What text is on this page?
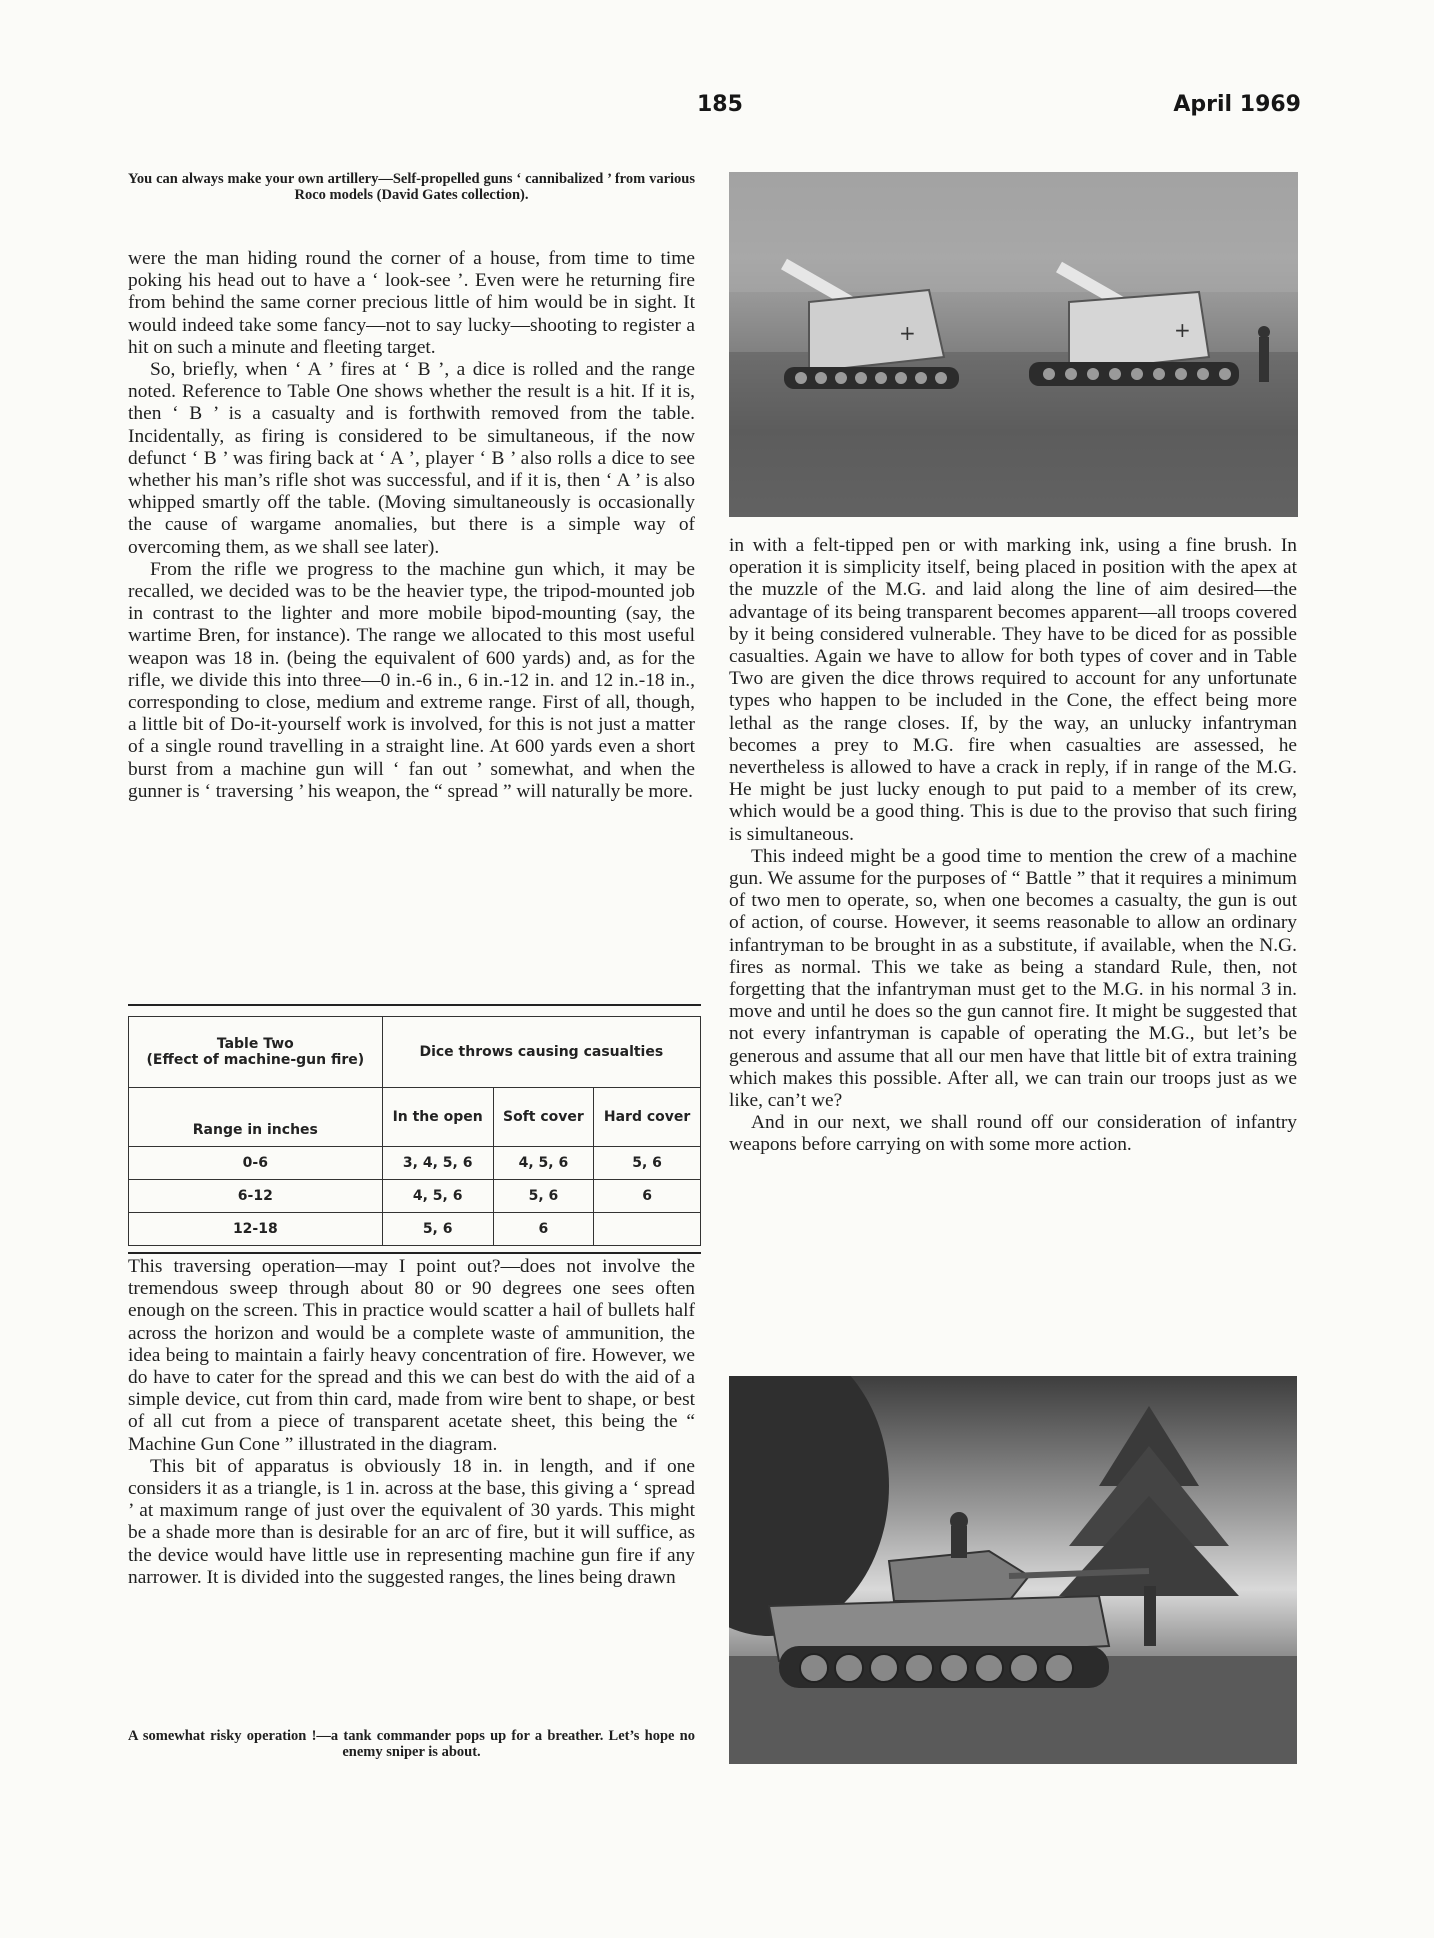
185	April 1969
You can always make your own artillery—Self-propelled guns ‘ cannibalized ’ from various Roco models (David Gates collection).

were the man hiding round the corner of a house, from time to time poking his head out to have a ‘ look-see ’. Even were he returning fire from behind the same corner precious little of him would be in sight. It would indeed take some fancy—not to say lucky—shooting to register a hit on such a minute and fleeting target.

So, briefly, when ‘ A ’ fires at ‘ B ’, a dice is rolled and the range noted. Reference to Table One shows whether the result is a hit. If it is, then ‘ B ’ is a casualty and is forthwith removed from the table. Incidentally, as firing is considered to be simultaneous, if the now defunct ‘ B ’ was firing back at ‘ A ’, player ‘ B ’ also rolls a dice to see whether his man’s rifle shot was successful, and if it is, then ‘ A ’ is also whipped smartly off the table. (Moving simultaneously is occasionally the cause of wargame anomalies, but there is a simple way of overcoming them, as we shall see later).

From the rifle we progress to the machine gun which, it may be recalled, we decided was to be the heavier type, the tripod-mounted job in contrast to the lighter and more mobile bipod-mounting (say, the wartime Bren, for instance). The range we allocated to this most useful weapon was 18 in. (being the equivalent of 600 yards) and, as for the rifle, we divide this into three—0 in.-6 in., 6 in.-12 in. and 12 in.-18 in., corresponding to close, medium and extreme range. First of all, though, a little bit of Do-it-yourself work is involved, for this is not just a matter of a single round travelling in a straight line. At 600 yards even a short burst from a machine gun will ‘ fan out ’ somewhat, and when the gunner is ‘ traversing ’ his weapon, the “ spread ” will naturally be more.

Table Two
(Effect of machine-gun fire)	Dice throws causing casualties		
Range in inches	In the open	Soft cover	Hard cover
0-6	3, 4, 5, 6	4, 5, 6	5, 6
6-12	4, 5, 6	5, 6	6
12-18	5, 6	6	

This traversing operation—may I point out?—does not involve the tremendous sweep through about 80 or 90 degrees one sees often enough on the screen. This in practice would scatter a hail of bullets half across the horizon and would be a complete waste of ammunition, the idea being to maintain a fairly heavy concentration of fire. However, we do have to cater for the spread and this we can best do with the aid of a simple device, cut from thin card, made from wire bent to shape, or best of all cut from a piece of transparent acetate sheet, this being the “ Machine Gun Cone ” illustrated in the diagram.

This bit of apparatus is obviously 18 in. in length, and if one considers it as a triangle, is 1 in. across at the base, this giving a ‘ spread ’ at maximum range of just over the equivalent of 30 yards. This might be a shade more than is desirable for an arc of fire, but it will suffice, as the device would have little use in representing machine gun fire if any narrower. It is divided into the suggested ranges, the lines being drawn

A somewhat risky operation !—a tank commander pops up for a breather. Let’s hope no enemy sniper is about.
+	+

in with a felt-tipped pen or with marking ink, using a fine brush. In operation it is simplicity itself, being placed in position with the apex at the muzzle of the M.G. and laid along the line of aim desired—the advantage of its being transparent becomes apparent—all troops covered by it being considered vulnerable. They have to be diced for as possible casualties. Again we have to allow for both types of cover and in Table Two are given the dice throws required to account for any unfortunate types who happen to be included in the Cone, the effect being more lethal as the range closes. If, by the way, an unlucky infantryman becomes a prey to M.G. fire when casualties are assessed, he nevertheless is allowed to have a crack in reply, if in range of the M.G. He might be just lucky enough to put paid to a member of its crew, which would be a good thing. This is due to the proviso that such firing is simultaneous.

This indeed might be a good time to mention the crew of a machine gun. We assume for the purposes of “ Battle ” that it requires a minimum of two men to operate, so, when one becomes a casualty, the gun is out of action, of course. However, it seems reasonable to allow an ordinary infantryman to be brought in as a substitute, if available, when the N.G. fires as normal. This we take as being a standard Rule, then, not forgetting that the infantryman must get to the M.G. in his normal 3 in. move and until he does so the gun cannot fire. It might be suggested that not every infantryman is capable of operating the M.G., but let’s be generous and assume that all our men have that little bit of extra training which makes this possible. After all, we can train our troops just as we like, can’t we?

And in our next, we shall round off our consideration of infantry weapons before carrying on with some more action.
